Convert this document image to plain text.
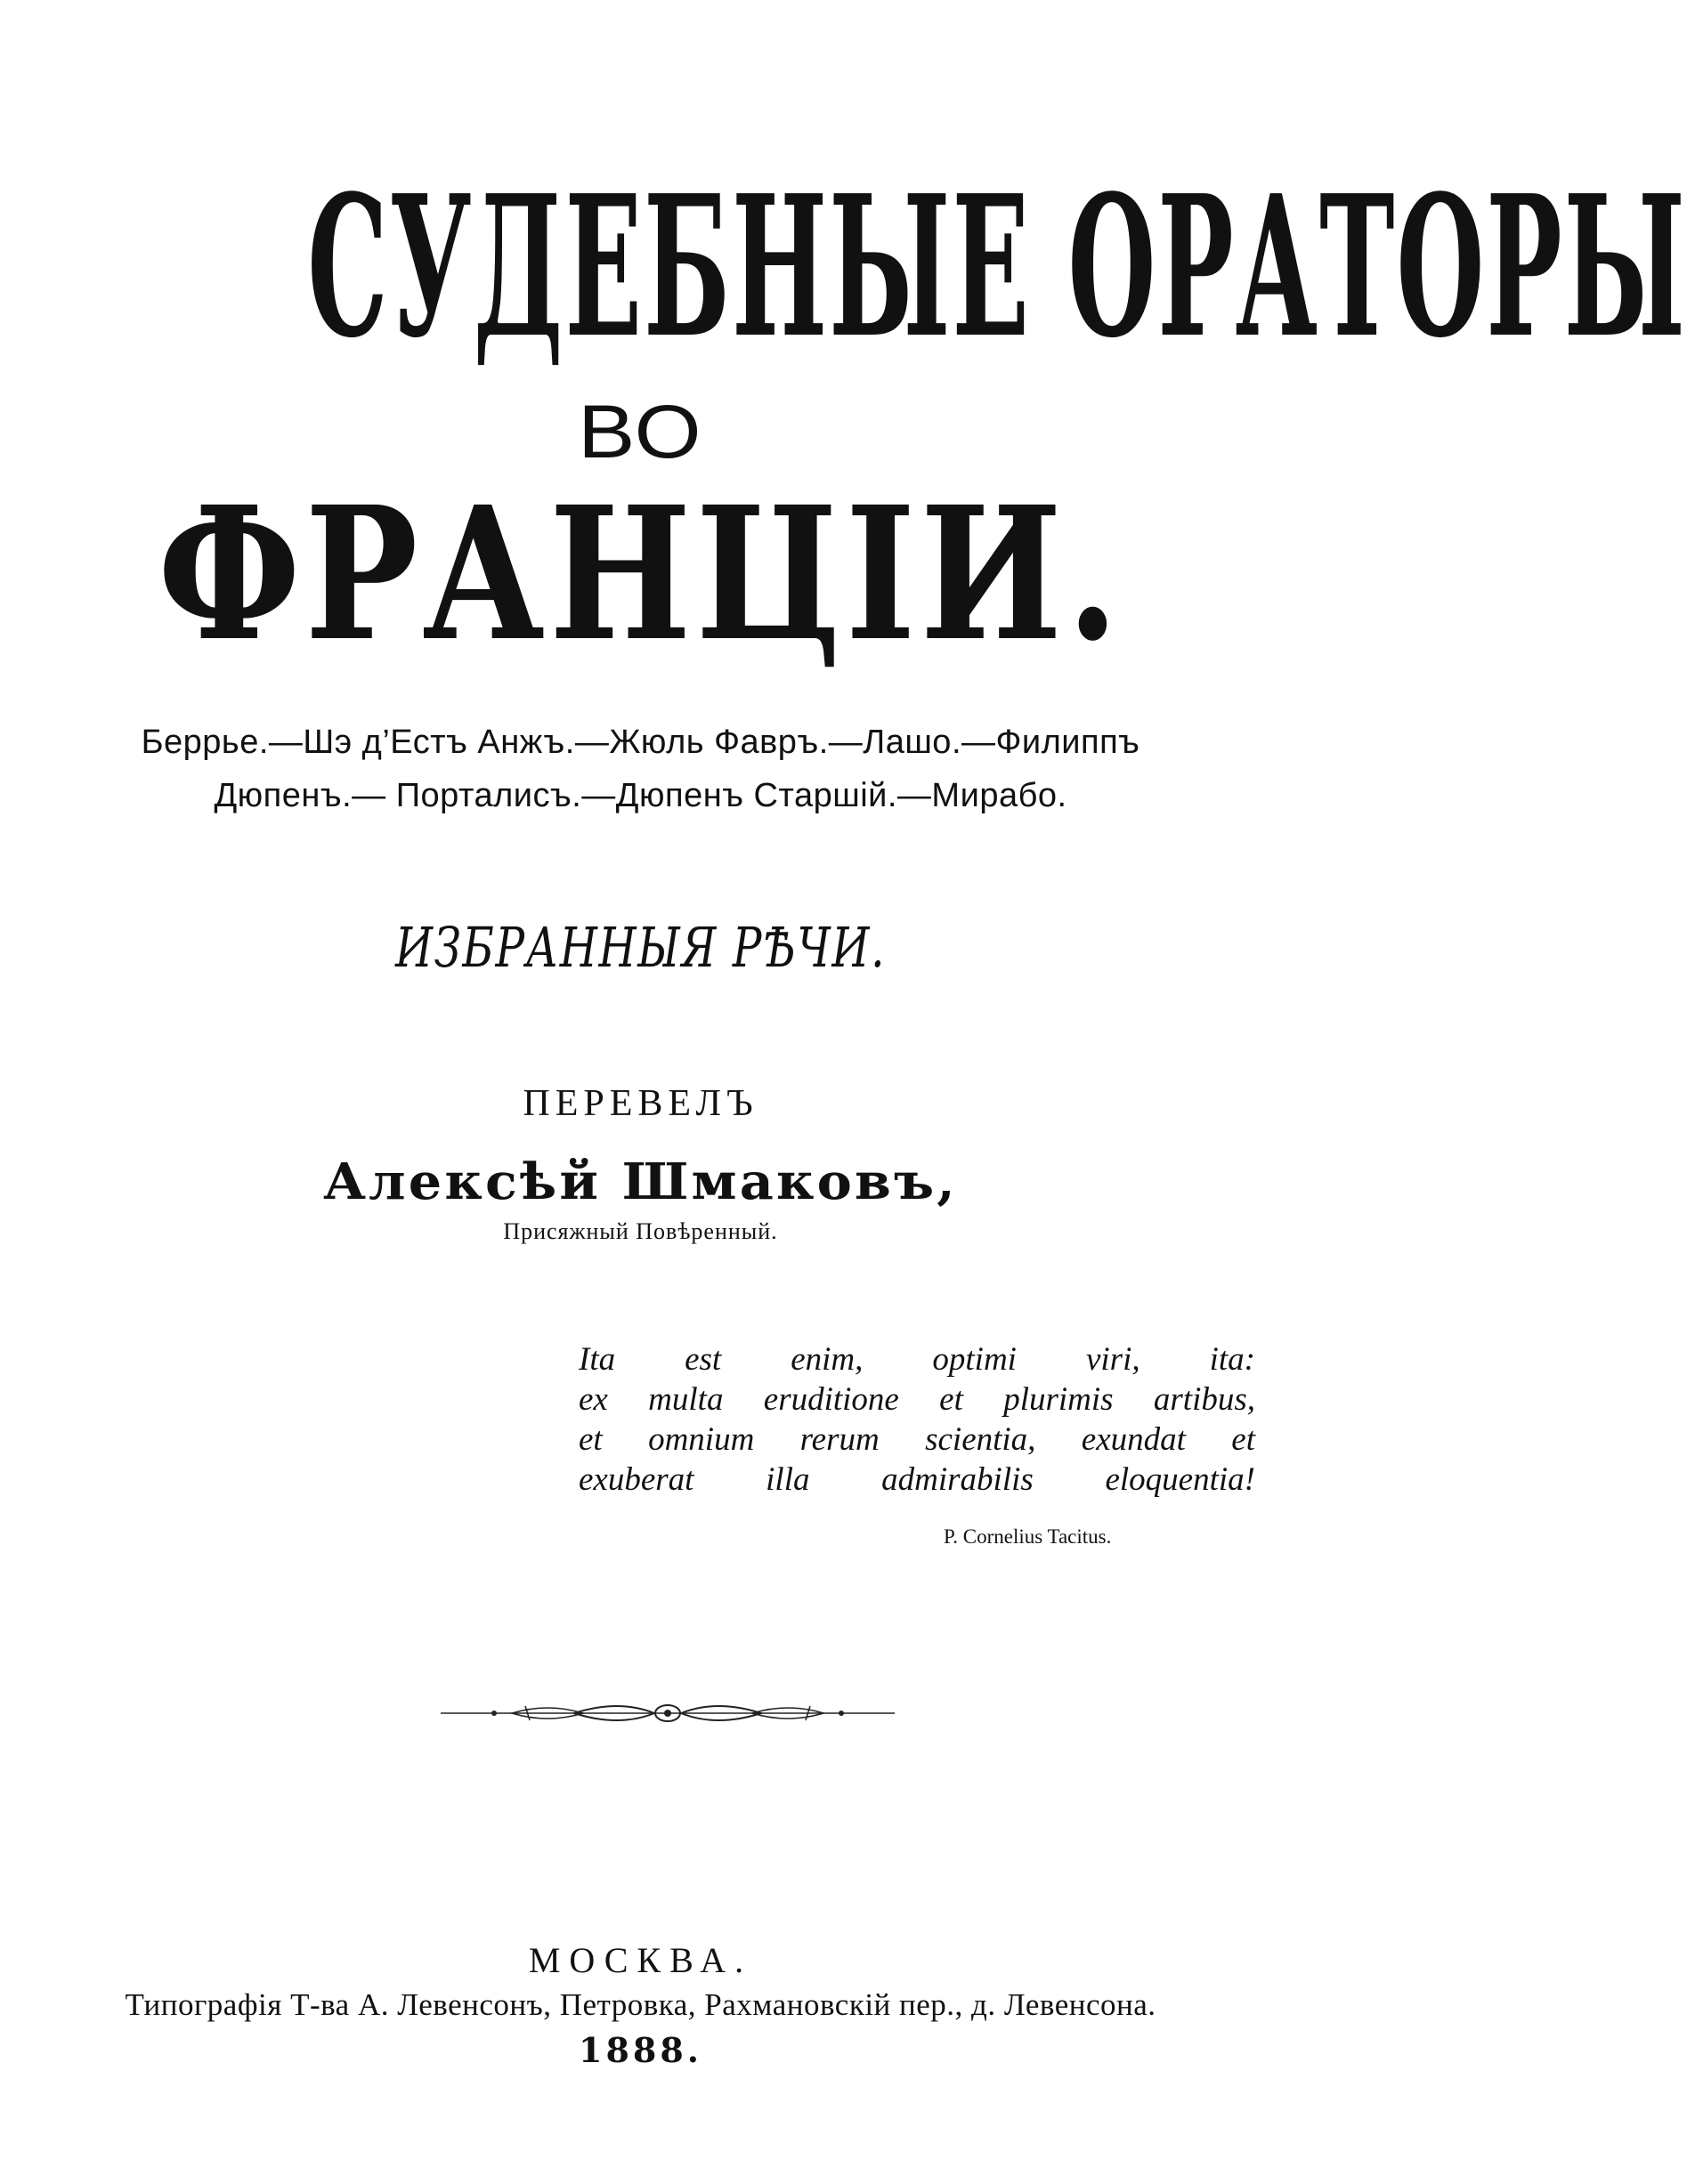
СУДЕБНЫЕ ОРАТОРЫ
ВО
ФРАНЦІИ.
Беррье.—Шэ д’Естъ Анжъ.—Жюль Фавръ.—Лашо.—Филиппъ
Дюпенъ.— Порталисъ.—Дюпенъ Старшій.—Мирабо.
ИЗБРАННЫЯ РѢЧИ.
ПЕРЕВЕЛЪ
Алексѣй Шмаковъ,
Присяжный Повѣренный.
Ita est enim, optimi viri, ita:
ex multa eruditione et plurimis artibus,
et omnium rerum scientia, exundat et
exuberat illa admirabilis eloquentia!
P. Cornelius Tacitus.
МОСКВА.
Типографія Т-ва А. Левенсонъ, Петровка, Рахмановскій пер., д. Левенсона.
1888.
